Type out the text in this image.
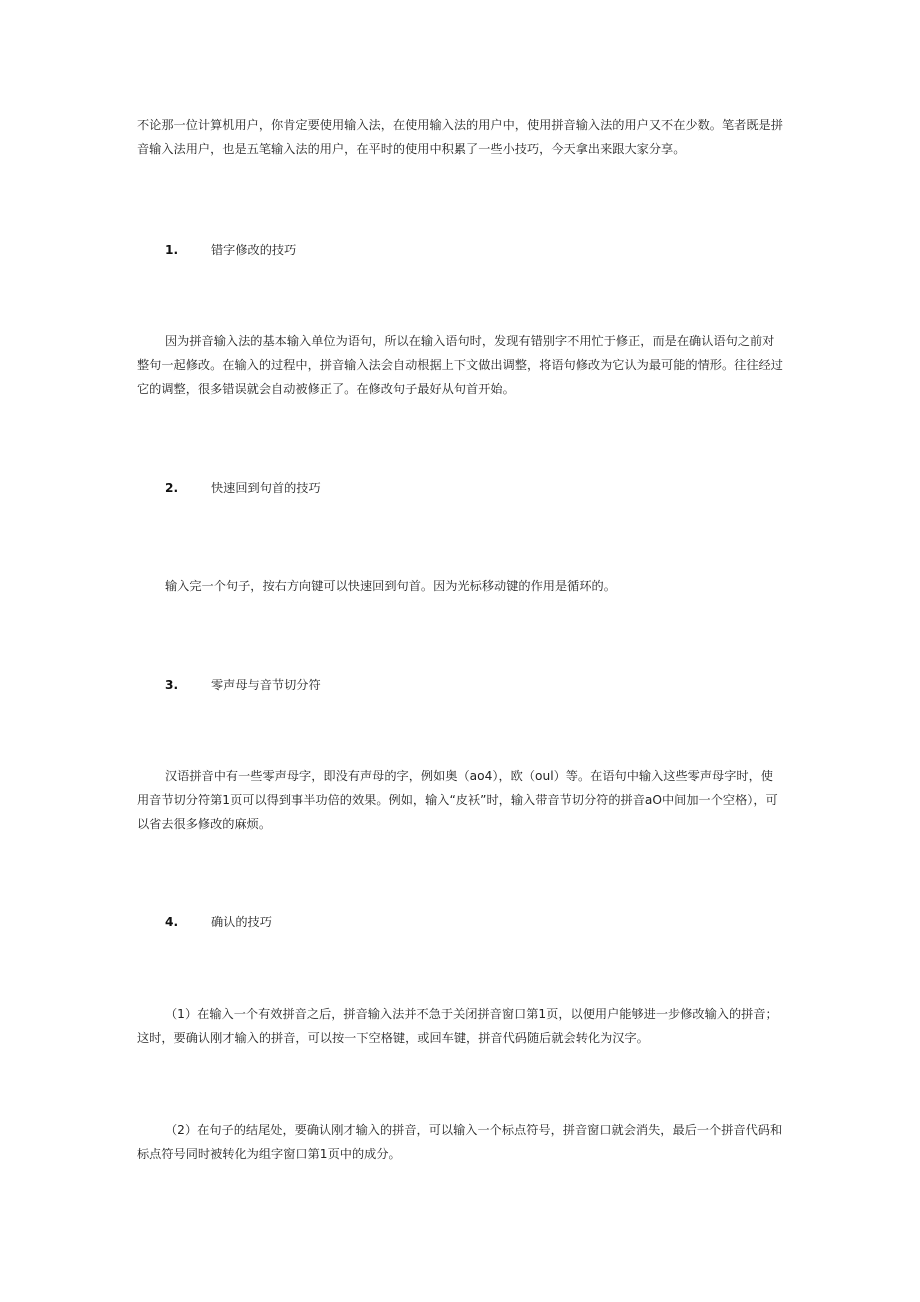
不论那一位计算机用户，你肯定要使用输入法，在使用输入法的用户中，使用拼音输入法的用户又不在少数。笔者既是拼音输入法用户，也是五笔输入法的用户，在平时的使用中积累了一些小技巧，今天拿出来跟大家分享。

1.	错字修改的技巧

因为拼音输入法的基本输入单位为语句，所以在输入语句时，发现有错别字不用忙于修正，而是在确认语句之前对整句一起修改。在输入的过程中，拼音输入法会自动根据上下文做出调整，将语句修改为它认为最可能的情形。往往经过它的调整，很多错误就会自动被修正了。在修改句子最好从句首开始。

2.	快速回到句首的技巧

输入完一个句子，按右方向键可以快速回到句首。因为光标移动键的作用是循环的。

3.	零声母与音节切分符

汉语拼音中有一些零声母字，即没有声母的字，例如奥（ao4），欧（oul）等。在语句中输入这些零声母字时，使用音节切分符第1页可以得到事半功倍的效果。例如，输入“皮袄”时，输入带音节切分符的拼音aO中间加一个空格），可以省去很多修改的麻烦。

4.	确认的技巧

（1）在输入一个有效拼音之后，拼音输入法并不急于关闭拼音窗口第1页，以便用户能够进一步修改输入的拼音；这时，要确认刚才输入的拼音，可以按一下空格键，或回车键，拼音代码随后就会转化为汉字。

（2）在句子的结尾处，要确认刚才输入的拼音，可以输入一个标点符号，拼音窗口就会消失，最后一个拼音代码和标点符号同时被转化为组字窗口第1页中的成分。
